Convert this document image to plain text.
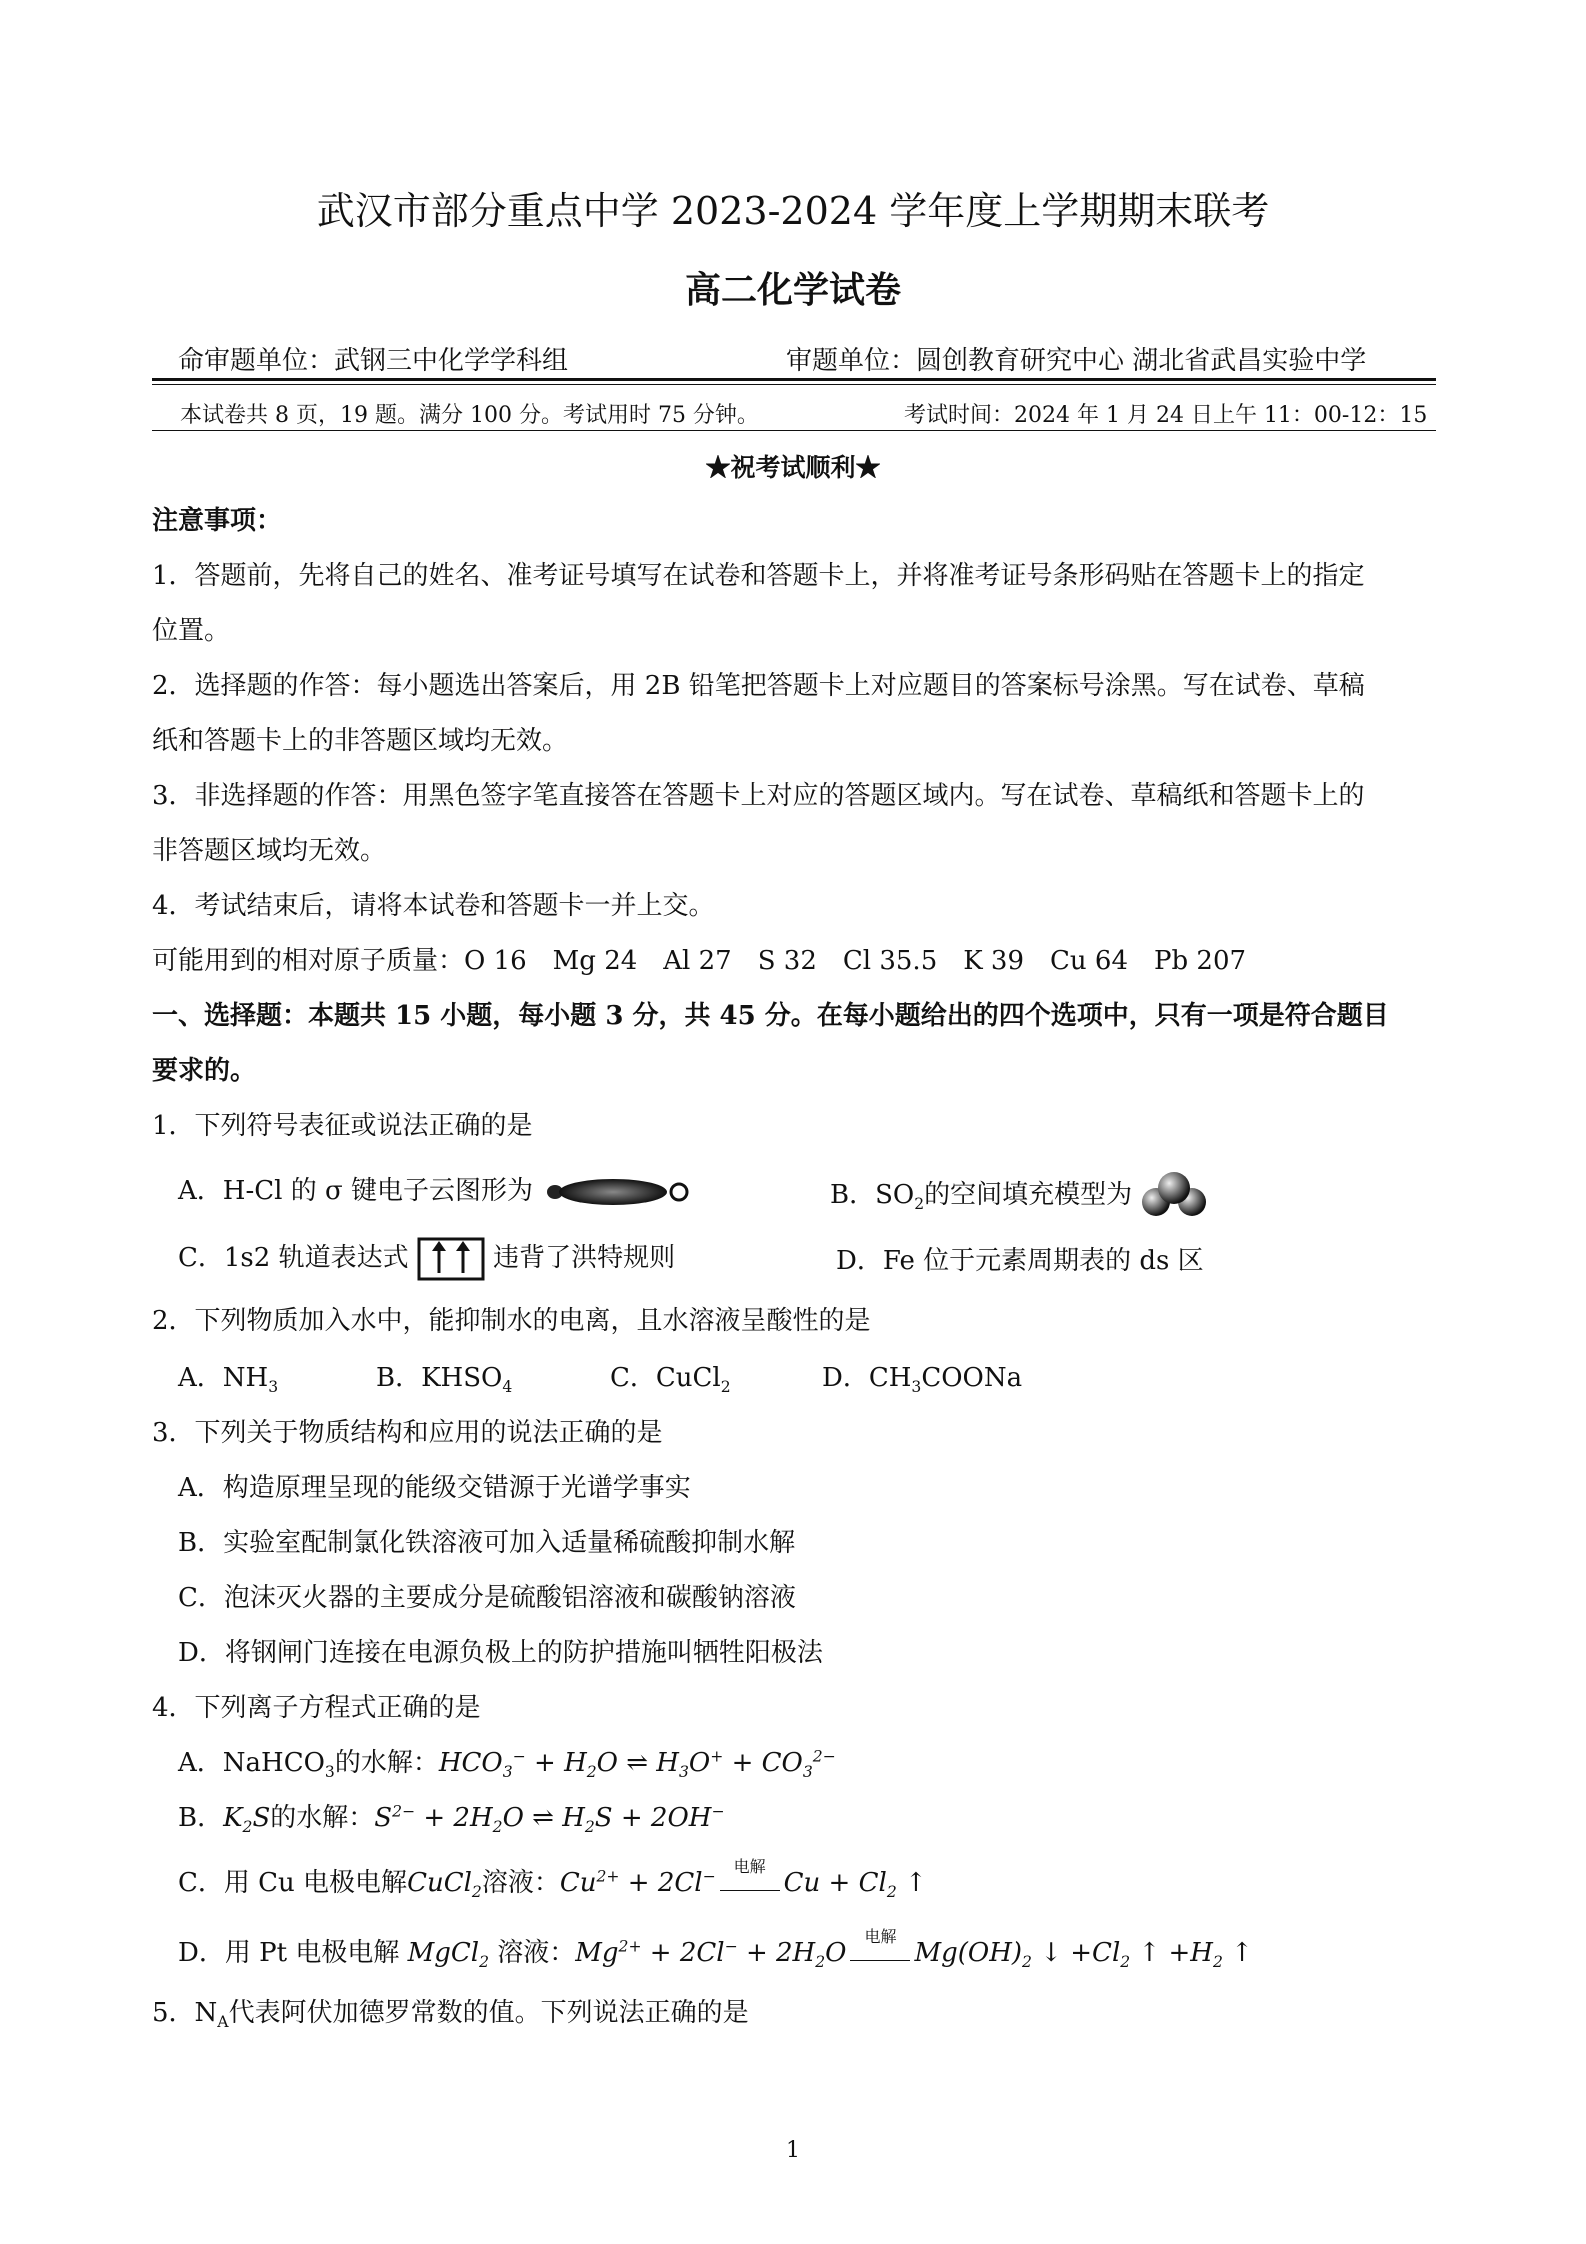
武汉市部分重点中学 2023-2024 学年度上学期期末联考
高二化学试卷
命审题单位：武钢三中化学学科组	审题单位：圆创教育研究中心 湖北省武昌实验中学
本试卷共 8 页，19 题。满分 100 分。考试用时 75 分钟。	考试时间：2024 年 1 月 24 日上午 11：00-12：15
★祝考试顺利★
注意事项：
1．答题前，先将自己的姓名、准考证号填写在试卷和答题卡上，并将准考证号条形码贴在答题卡上的指定
位置。
2．选择题的作答：每小题选出答案后，用 2B 铅笔把答题卡上对应题目的答案标号涂黑。写在试卷、草稿
纸和答题卡上的非答题区域均无效。
3．非选择题的作答：用黑色签字笔直接答在答题卡上对应的答题区域内。写在试卷、草稿纸和答题卡上的
非答题区域均无效。
4．考试结束后，请将本试卷和答题卡一并上交。
可能用到的相对原子质量：O 16　Mg 24　Al 27　S 32　Cl 35.5　K 39　Cu 64　Pb 207
一、选择题：本题共 15 小题，每小题 3 分，共 45 分。在每小题给出的四个选项中，只有一项是符合题目
要求的。
1．下列符号表征或说法正确的是
A．H-Cl 的 σ 键电子云图形为	B．$SO_2$的空间填充模型为
C．1s2 轨道表达式	违背了洪特规则	D．Fe 位于元素周期表的 ds 区
2．下列物质加入水中，能抑制水的电离，且水溶液呈酸性的是
A．$NH_3$	B．$KHSO_4$	C．CuCl$_2$	D．$CH_3COONa$
3．下列关于物质结构和应用的说法正确的是
A．构造原理呈现的能级交错源于光谱学事实
B．实验室配制氯化铁溶液可加入适量稀硫酸抑制水解
C．泡沫灭火器的主要成分是硫酸铝溶液和碳酸钠溶液
D．将钢闸门连接在电源负极上的防护措施叫牺牲阳极法
4．下列离子方程式正确的是
A．NaHCO$_3$的水解：$HCO_3^- + H_2O$ ⇌ $H_3O^+ + CO_3^{2-}$
B．$K_2S$的水解：$S^{2-} + 2H_2O$ ⇌ $H_2S + 2OH^-$
C．用 Cu 电极电解CuCl$_2$溶液：$Cu^{2+} + 2Cl^-$
电解
$Cu + Cl_2$ ↑
D．用 Pt 电极电解 MgCl$_2$ 溶液：$Mg^{2+} + 2Cl^- + 2H_2O$
电解
$Mg(OH)_2$ ↓ $+Cl_2$ ↑ $+H_2$ ↑
5．$N_A$代表阿伏加德罗常数的值。下列说法正确的是
1
